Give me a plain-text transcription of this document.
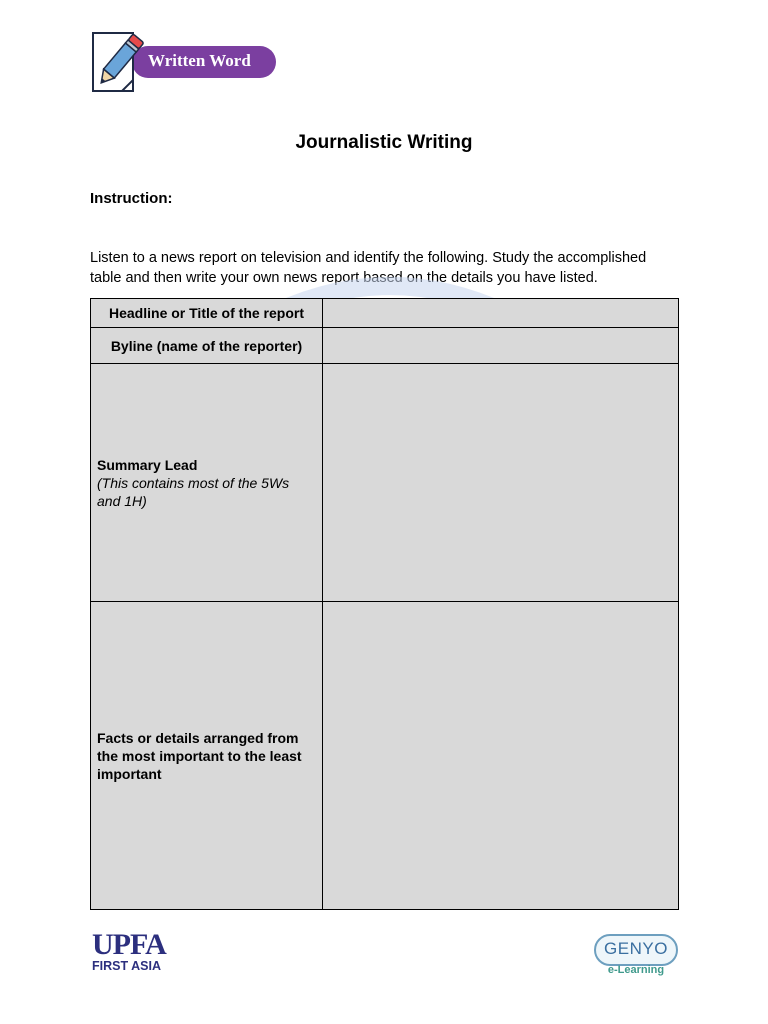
Written Word
Journalistic Writing
Instruction:
Listen to a news report on television and identify the following. Study the accomplished table and then write your own news report based on the details you have listed.
Headline or Title of the report	
Byline (name of the reporter)	

Summary Lead
(This contains most of the 5Ws and 1H)	

Facts or details arranged from the most important to the least important	
UPFA
FIRST ASIA
GENYO
e-Learning
